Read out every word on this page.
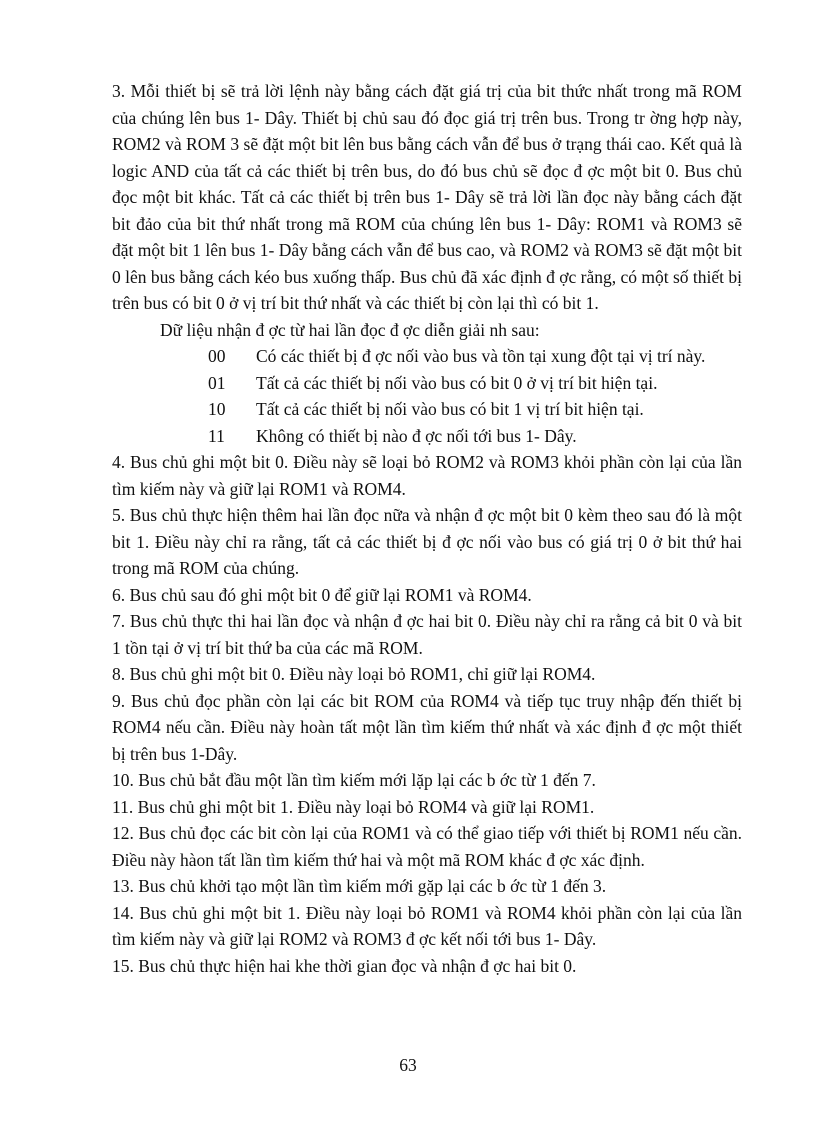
3. Mỗi thiết bị sẽ trả lời lệnh này bằng cách đặt giá trị của bit thức nhất trong mã ROM của chúng lên bus 1- Dây. Thiết bị chủ sau đó đọc giá trị trên bus. Trong tr ờng hợp này, ROM2 và ROM 3 sẽ đặt một bit lên bus bằng cách vẫn để bus ở trạng thái cao. Kết quả là logic AND của tất cả các thiết bị trên bus, do đó bus chủ sẽ đọc đ ợc một bit 0. Bus chủ đọc một bit khác. Tất cả các thiết bị trên bus 1- Dây sẽ trả lời lần đọc này bằng cách đặt bit đảo của bit thứ nhất trong mã ROM của chúng lên bus 1- Dây: ROM1 và ROM3 sẽ đặt một bit 1 lên bus 1- Dây bằng cách vẫn để bus cao, và ROM2 và ROM3 sẽ đặt một bit 0 lên bus bằng cách kéo bus xuống thấp. Bus chủ đã xác định đ ợc rằng, có một số thiết bị trên bus có bit 0 ở vị trí bit thứ nhất và các thiết bị còn lại thì có bit 1.

Dữ liệu nhận đ ợc từ hai lần đọc đ ợc diễn giải nh sau:

00	Có các thiết bị đ ợc nối vào bus và tồn tại xung đột tại vị trí này.
01	Tất cả các thiết bị nối vào bus có bit 0 ở vị trí bit hiện tại.
10	Tất cả các thiết bị nối vào bus có bit 1 vị trí bit hiện tại.
11	Không có thiết bị nào đ ợc nối tới bus 1- Dây.

4. Bus chủ ghi một bit 0. Điều này sẽ loại bỏ ROM2 và ROM3 khỏi phần còn lại của lần tìm kiếm này và giữ lại ROM1 và ROM4.

5. Bus chủ thực hiện thêm hai lần đọc nữa và nhận đ ợc một bit 0 kèm theo sau đó là một bit 1. Điều này chỉ ra rằng, tất cả các thiết bị đ ợc nối vào bus có giá trị 0 ở bit thứ hai trong mã ROM của chúng.

6. Bus chủ sau đó ghi một bit 0 để giữ lại ROM1 và ROM4.

7. Bus chủ thực thi hai lần đọc và nhận đ ợc hai bit 0. Điều này chỉ ra rằng cả bit 0 và bit 1 tồn tại ở vị trí bit thứ ba của các mã ROM.

8. Bus chủ ghi một bit 0. Điều này loại bỏ ROM1, chỉ giữ lại ROM4.

9. Bus chủ đọc phần còn lại các bit ROM của ROM4 và tiếp tục truy nhập đến thiết bị ROM4 nếu cần. Điều này hoàn tất một lần tìm kiếm thứ nhất và xác định đ ợc một thiết bị trên bus 1-Dây.

10. Bus chủ bắt đầu một lần tìm kiếm mới lặp lại các b ớc từ 1 đến 7.

11. Bus chủ ghi một bit 1. Điều này loại bỏ ROM4 và giữ lại ROM1.

12. Bus chủ đọc các bit còn lại của ROM1 và có thể giao tiếp với thiết bị ROM1 nếu cần. Điều này hàon tất lần tìm kiếm thứ hai và một mã ROM khác đ ợc xác định.

13. Bus chủ khởi tạo một lần tìm kiếm mới gặp lại các b ớc từ 1 đến 3.

14. Bus chủ ghi một bit 1. Điều này loại bỏ ROM1 và ROM4 khỏi phần còn lại của lần tìm kiếm này và giữ lại ROM2 và ROM3 đ ợc kết nối tới bus 1- Dây.

15. Bus chủ thực hiện hai khe thời gian đọc và nhận đ ợc hai bit 0.

63
